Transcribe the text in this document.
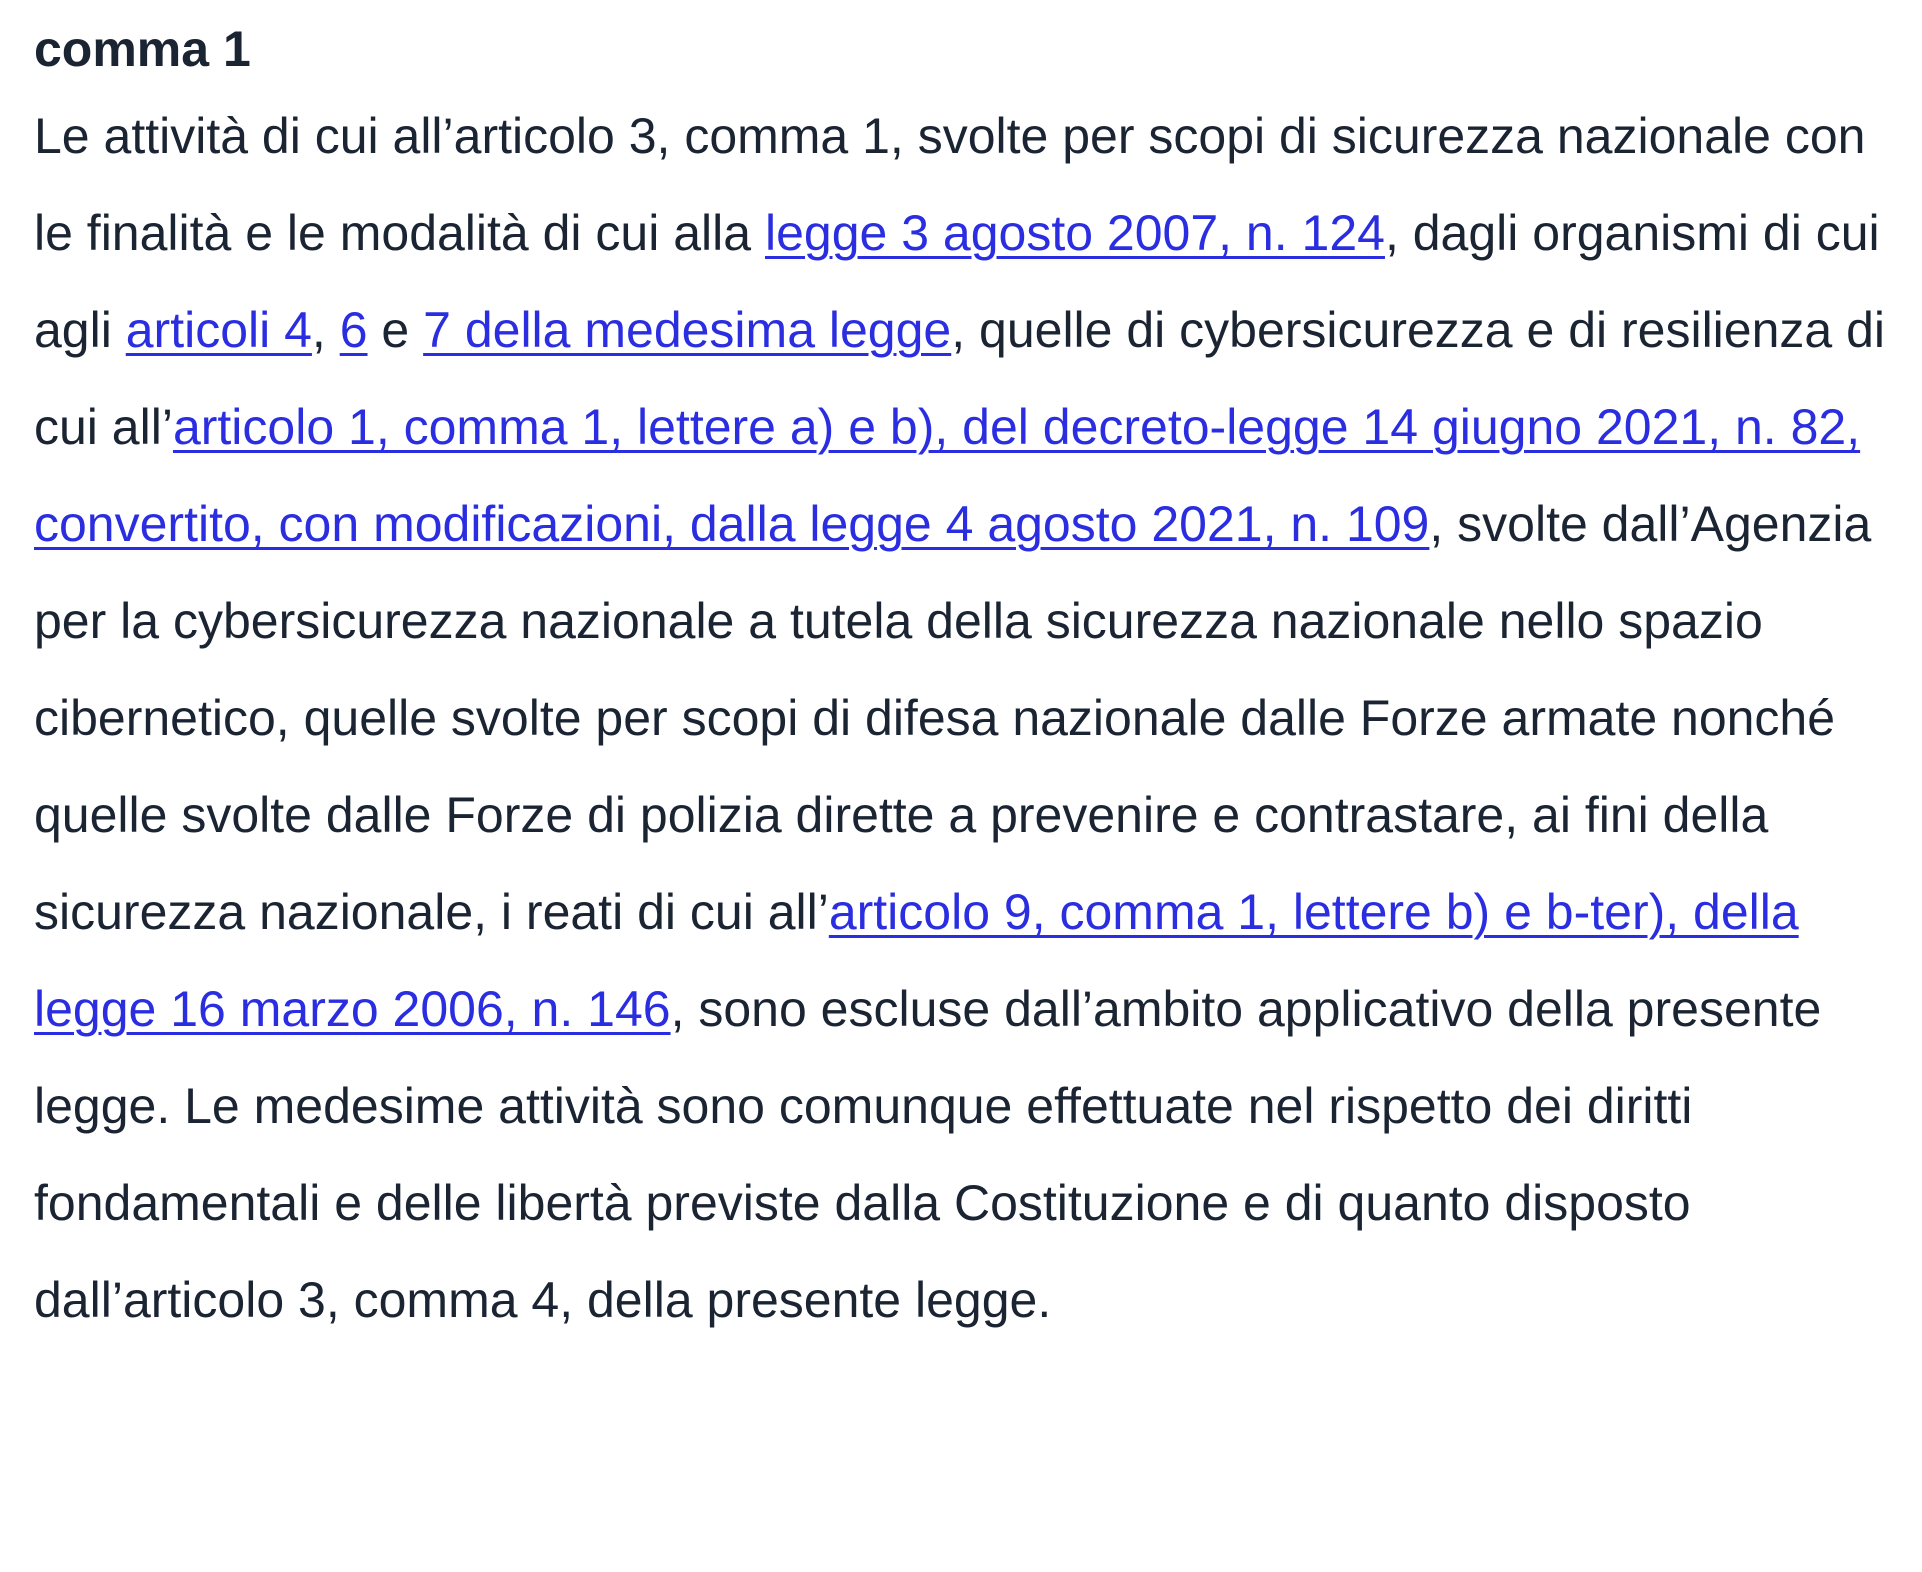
comma 1

Le attività di cui all’articolo 3, comma 1, svolte per scopi di sicurezza nazionale con le finalità e le modalità di cui alla legge 3 agosto 2007, n. 124, dagli organismi di cui agli articoli 4, 6 e 7 della medesima legge, quelle di cybersicurezza e di resilienza di cui all’articolo 1, comma 1, lettere a) e b), del decreto-legge 14 giugno 2021, n. 82, convertito, con modificazioni, dalla legge 4 agosto 2021, n. 109, svolte dall’Agenzia per la cybersicurezza nazionale a tutela della sicurezza nazionale nello spazio cibernetico, quelle svolte per scopi di difesa nazionale dalle Forze armate nonché quelle svolte dalle Forze di polizia dirette a prevenire e contrastare, ai fini della sicurezza nazionale, i reati di cui all’articolo 9, comma 1, lettere b) e b-ter), della legge 16 marzo 2006, n. 146, sono escluse dall’ambito applicativo della presente legge. Le medesime attività sono comunque effettuate nel rispetto dei diritti fondamentali e delle libertà previste dalla Costituzione e di quanto disposto dall’articolo 3, comma 4, della presente legge.
